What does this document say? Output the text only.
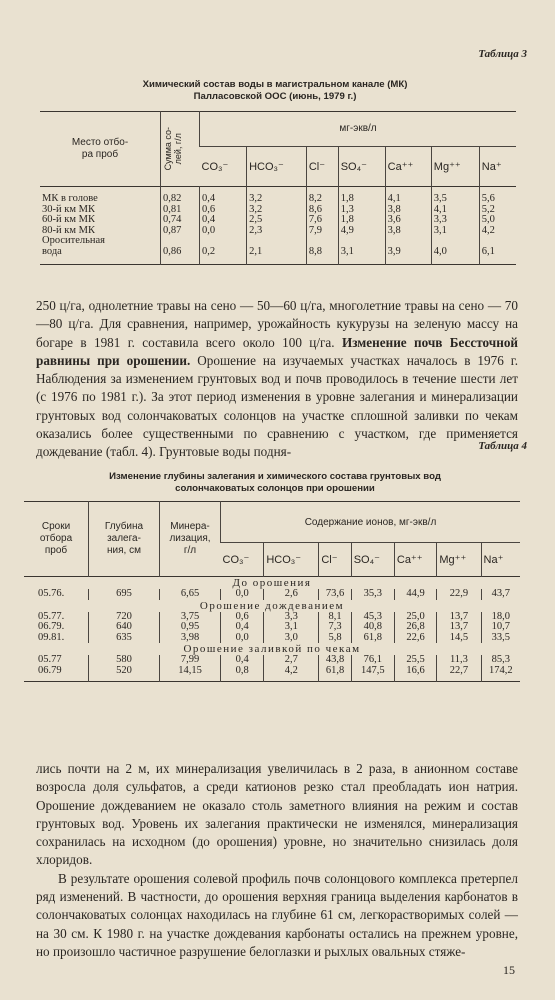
Таблица 3
Химический состав воды в магистральном канале (МК)
Палласовской ООС (июнь, 1979 г.)
Место отбо-
ра проб	Сумма со-
лей, г/л	мг-экв/л						
		CO₃⁻	HCO₃⁻	Cl⁻	SO₄⁻	Ca⁺⁺	Mg⁺⁺	Na⁺
МК в голове	0,82	0,4	3,2	8,2	1,8	4,1	3,5	5,6
30-й км МК	0,81	0,6	3,2	8,6	1,3	3,8	4,1	5,2
60-й км МК	0,74	0,4	2,5	7,6	1,8	3,6	3,3	5,0
80-й км МК	0,87	0,0	2,3	7,9	4,9	3,8	3,1	4,2
Оросительная
вода	0,86	0,2	2,1	8,8	3,1	3,9	4,0	6,1

250 ц/га, однолетние травы на сено — 50—60 ц/га, многолетние травы на сено — 70—80 ц/га. Для сравнения, например, урожайность кукурузы на зеленую массу на богаре в 1981 г. составила всего около 100 ц/га. Изменение почв Бессточной равнины при орошении. Орошение на изучаемых участках началось в 1976 г. Наблюдения за изменением грунтовых вод и почв проводилось в течение шести лет (с 1976 по 1981 г.). За этот период изменения в уровне залегания и минерализации грунтовых вод солончаковатых солонцов на участке сплошной заливки по чекам оказались более существенными по сравнению с участком, где применяется дождевание (табл. 4). Грунтовые воды подня-	Таблица 4
Изменение глубины залегания и химического состава грунтовых вод
солончаковатых солонцов при орошении
Сроки
отбора
проб	Глубина
залега-
ния, см	Минера-
лизация,
г/л	Содержание ионов, мг-экв/л						
			CO₃⁻	HCO₃⁻	Cl⁻	SO₄⁻	Ca⁺⁺	Mg⁺⁺	Na⁺
До орошения									
05.76.	695	6,65	0,0	2,6	73,6	35,3	44,9	22,9	43,7
Орошение дождеванием									
05.77.	720	3,75	0,6	3,3	8,1	45,3	25,0	13,7	18,0
06.79.	640	0,95	0,4	3,1	7,3	40,8	26,8	13,7	10,7
09.81.	635	3,98	0,0	3,0	5,8	61,8	22,6	14,5	33,5
Орошение заливкой по чекам									
05.77	580	7,99	0,4	2,7	43,8	76,1	25,5	11,3	85,3
06.79	520	14,15	0,8	4,2	61,8	147,5	16,6	22,7	174,2

лись почти на 2 м, их минерализация увеличилась в 2 раза, в анионном составе возросла доля сульфатов, а среди катионов резко стал преобладать ион натрия. Орошение дождеванием не оказало столь заметного влияния на режим и состав грунтовых вод. Уровень их залегания практически не изменялся, минерализация сохранилась на исходном (до орошения) уровне, но значительно снизилась доля хлоридов.

В результате орошения солевой профиль почв солонцового комплекса претерпел ряд изменений. В частности, до орошения верхняя граница выделения карбонатов в солончаковатых солонцах находилась на глубине 61 см, легкорастворимых солей — на 30 см. К 1980 г. на участке дождевания карбонаты остались на прежнем уровне, но произошло частичное разрушение белоглазки и рыхлых овальных стяже-

15
